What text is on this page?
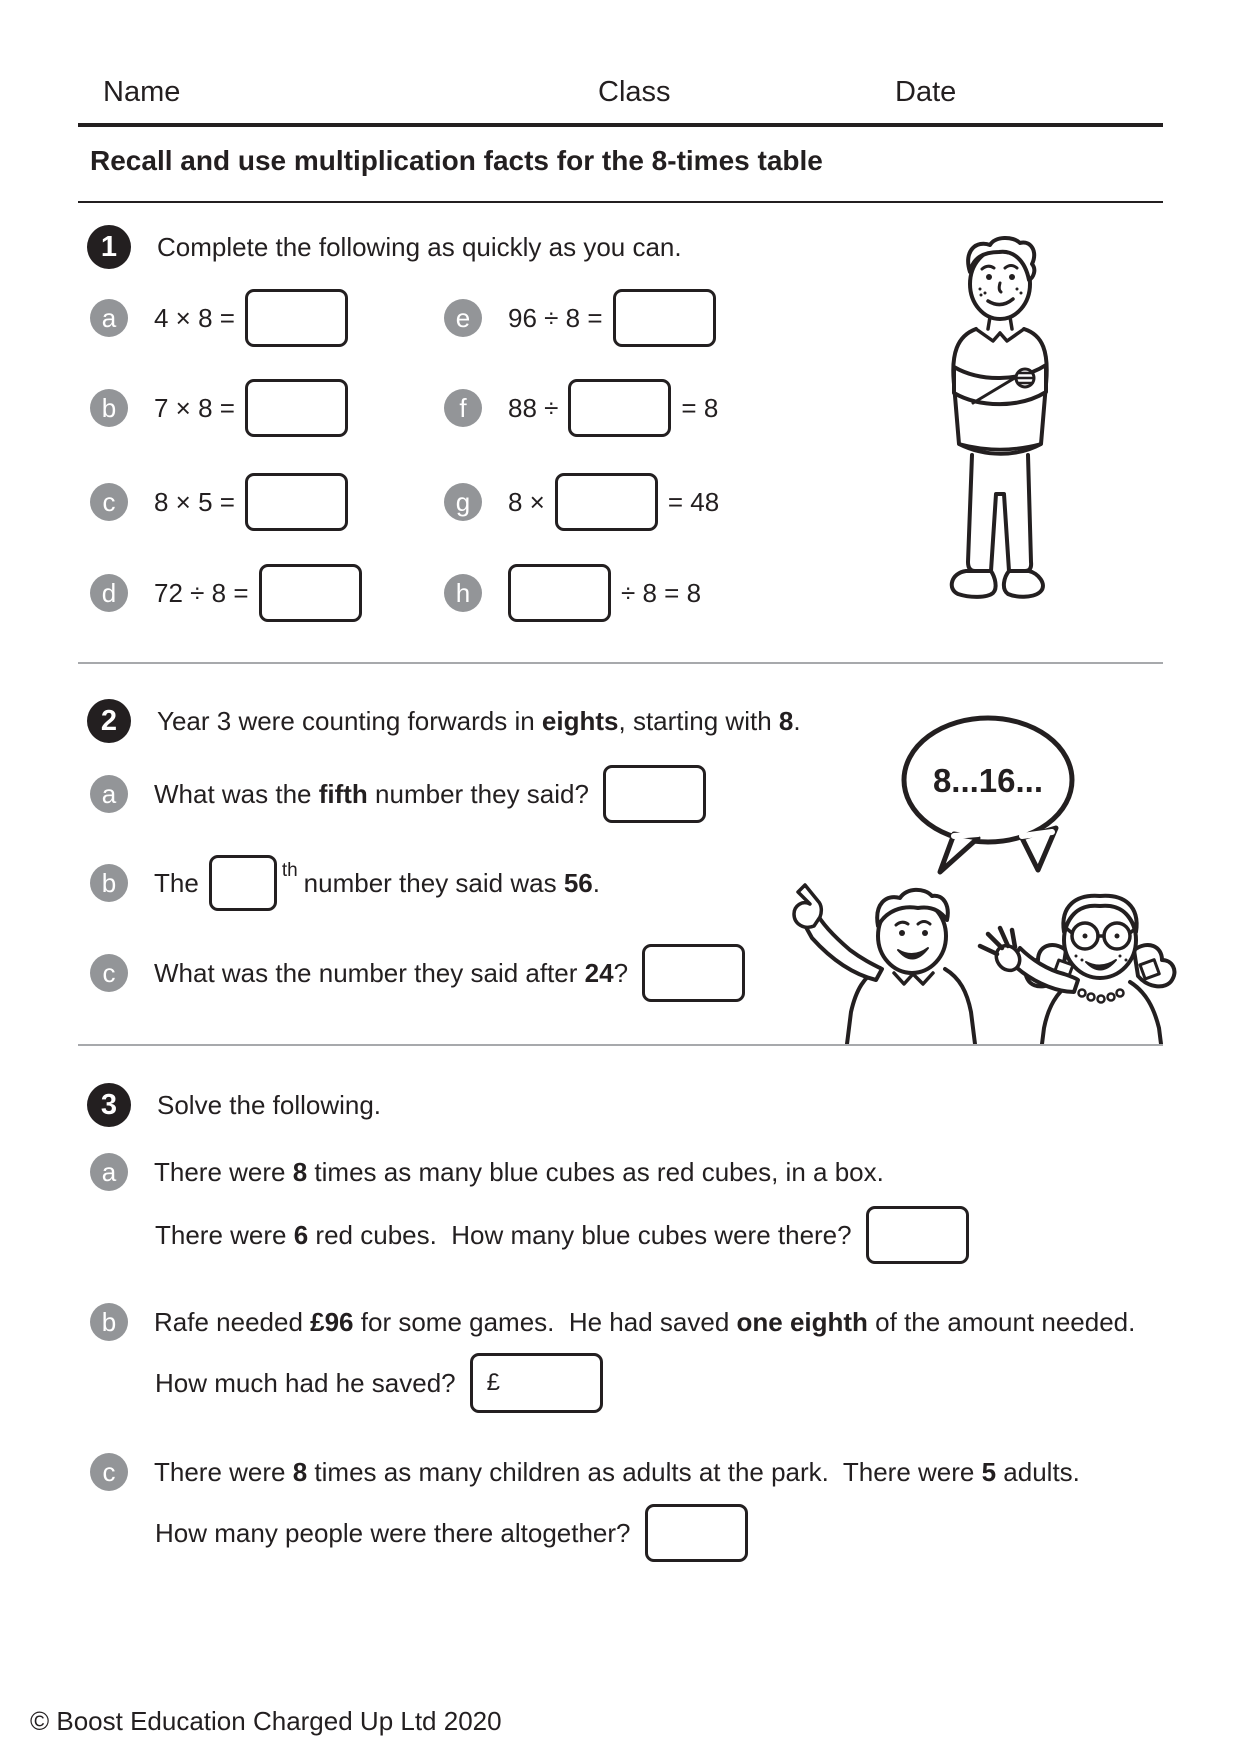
Name	Class	Date
Recall and use multiplication facts for the 8-times table
1	Complete the following as quickly as you can.
a	4 × 8 =
b	7 × 8 =
c	8 × 5 =
d	72 ÷ 8 =
e	96 ÷ 8 =
f	88 ÷	= 8
g	8 ×	= 48
h	÷ 8 = 8
2	Year 3 were counting forwards in eights, starting with 8.
a	What was the fifth number they said?
b	The	th number they said was 56.
c	What was the number they said after 24?
8...16...
3	Solve the following.
a	There were 8 times as many blue cubes as red cubes, in a box.
There were 6 red cubes.  How many blue cubes were there?
b	Rafe needed £96 for some games.  He had saved one eighth of the amount needed.
How much had he saved? £
c	There were 8 times as many children as adults at the park.  There were 5 adults.
How many people were there altogether?
© Boost Education Charged Up Ltd 2020
